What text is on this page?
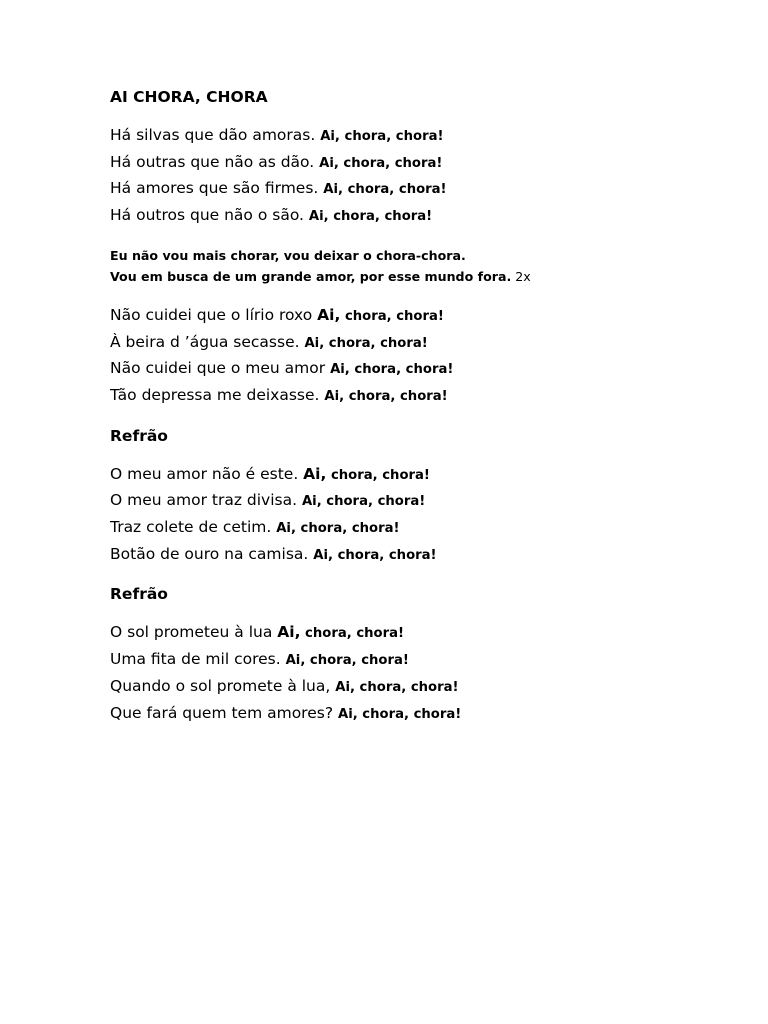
AI CHORA, CHORA
Há silvas que dão amoras. Ai, chora, chora!
Há outras que não as dão. Ai, chora, chora!
Há amores que são firmes. Ai, chora, chora!
Há outros que não o são. Ai, chora, chora!
Eu não vou mais chorar, vou deixar o chora-chora.
Vou em busca de um grande amor, por esse mundo fora. 2x
Não cuidei que o lírio roxo Ai, chora, chora!
À beira d ’água secasse. Ai, chora, chora!
Não cuidei que o meu amor Ai, chora, chora!
Tão depressa me deixasse. Ai, chora, chora!
Refrão
O meu amor não é este. Ai, chora, chora!
O meu amor traz divisa. Ai, chora, chora!
Traz colete de cetim. Ai, chora, chora!
Botão de ouro na camisa. Ai, chora, chora!
Refrão
O sol prometeu à lua Ai, chora, chora!
Uma fita de mil cores. Ai, chora, chora!
Quando o sol promete à lua, Ai, chora, chora!
Que fará quem tem amores? Ai, chora, chora!
